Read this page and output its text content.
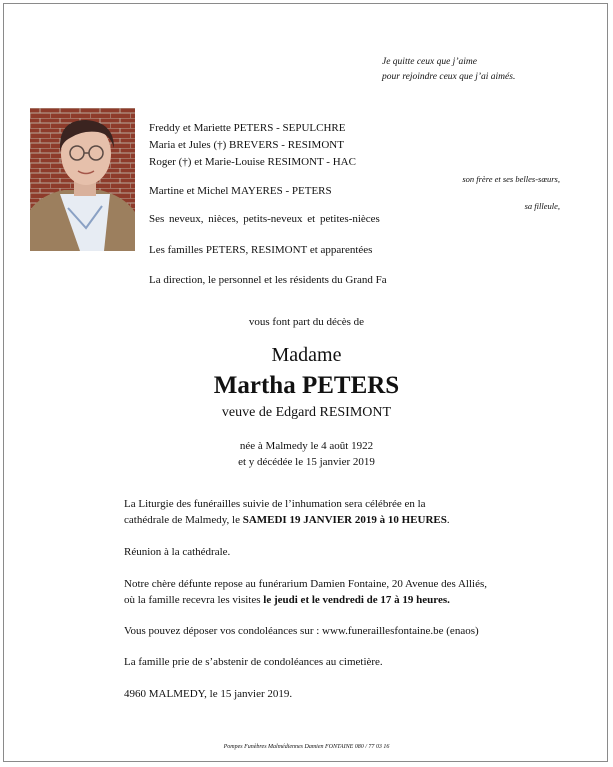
Je quitte ceux que j’aime
pour rejoindre ceux que j’ai aimés.
Freddy et Mariette PETERS - SEPULCHRE
Maria et Jules (†) BREVERS - RESIMONT
Roger (†) et Marie-Louise RESIMONT - HAC
son frère et ses belles-sœurs,
Martine et Michel MAYERES - PETERS
sa filleule,
Ses neveux, nièces, petits-neveux et petites-nièces
Les familles PETERS, RESIMONT et apparentées
La direction, le personnel et les résidents du Grand Fa
vous font part du décès de
Madame
Martha PETERS
veuve de Edgard RESIMONT
née à Malmedy le 4 août 1922
et y décédée le 15 janvier 2019
La Liturgie des funérailles suivie de l’inhumation sera célébrée en la
cathédrale de Malmedy, le SAMEDI 19 JANVIER 2019 à 10 HEURES.
Réunion à la cathédrale.
Notre chère défunte repose au funérarium Damien Fontaine, 20 Avenue des Alliés,
où la famille recevra les visites le jeudi et le vendredi de 17 à 19 heures.
Vous pouvez déposer vos condoléances sur : www.funeraillesfontaine.be (enaos)
La famille prie de s’abstenir de condoléances au cimetière.
4960 MALMEDY, le 15 janvier 2019.
Pompes Funèbres Malmédiennes Damien FONTAINE 080 / 77 03 16
